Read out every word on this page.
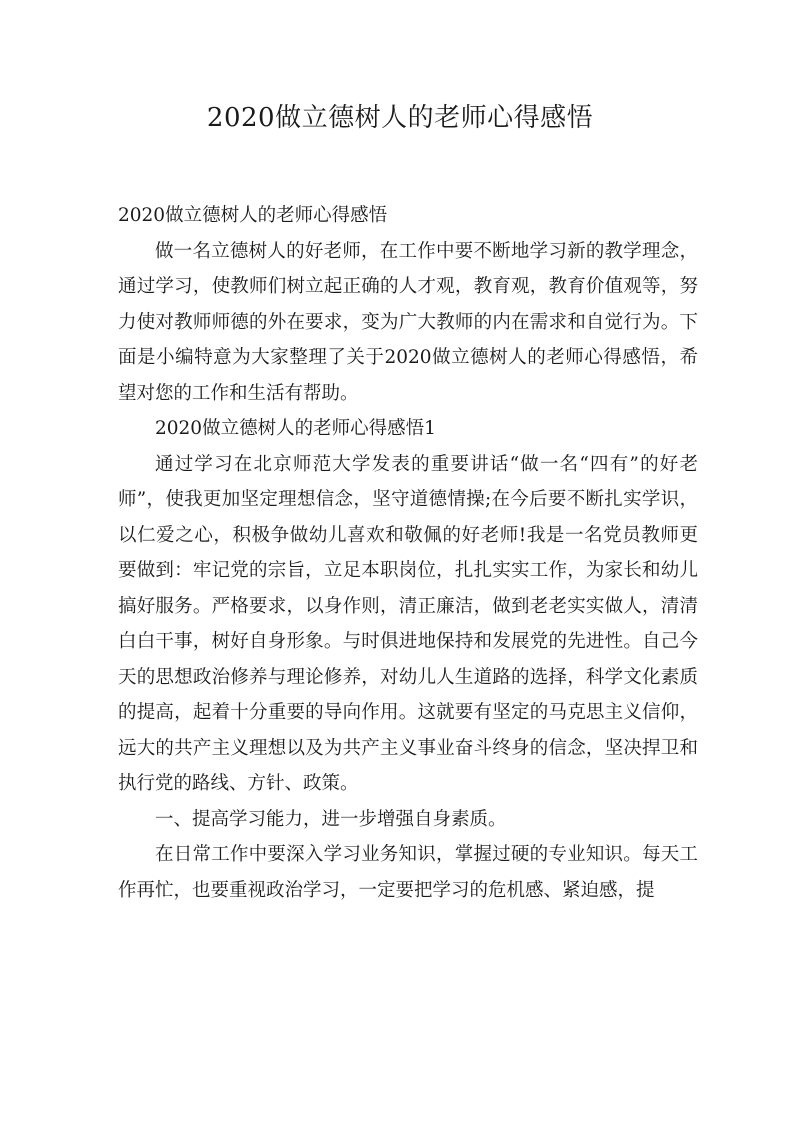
2020做立德树人的老师心得感悟

2020做立德树人的老师心得感悟

做一名立德树人的好老师，在工作中要不断地学习新的教学理念，通过学习，使教师们树立起正确的人才观，教育观，教育价值观等，努力使对教师师德的外在要求，变为广大教师的内在需求和自觉行为。下面是小编特意为大家整理了关于2020做立德树人的老师心得感悟，希望对您的工作和生活有帮助。

2020做立德树人的老师心得感悟1

通过学习在北京师范大学发表的重要讲话“做一名“四有”的好老师”，使我更加坚定理想信念，坚守道德情操;在今后要不断扎实学识，以仁爱之心，积极争做幼儿喜欢和敬佩的好老师!我是一名党员教师更要做到：牢记党的宗旨，立足本职岗位，扎扎实实工作，为家长和幼儿搞好服务。严格要求，以身作则，清正廉洁，做到老老实实做人，清清白白干事，树好自身形象。与时俱进地保持和发展党的先进性。自己今天的思想政治修养与理论修养，对幼儿人生道路的选择，科学文化素质的提高，起着十分重要的导向作用。这就要有坚定的马克思主义信仰，远大的共产主义理想以及为共产主义事业奋斗终身的信念，坚决捍卫和执行党的路线、方针、政策。

一、提高学习能力，进一步增强自身素质。

在日常工作中要深入学习业务知识，掌握过硬的专业知识。每天工作再忙，也要重视政治学习，一定要把学习的危机感、紧迫感，提
